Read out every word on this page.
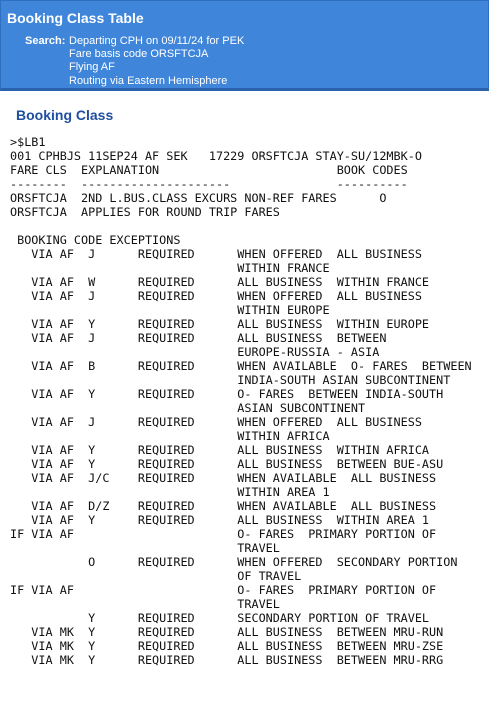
Booking Class Table
Search: Departing CPH on 09/11/24 for PEK
Fare basis code ORSFTCJA
Flying AF
Routing via Eastern Hemisphere
Booking Class
>$LB1
001 CPHBJS 11SEP24 AF SEK   17229 ORSFTCJA STAY-SU/12MBK-O
FARE CLS  EXPLANATION                         BOOK CODES
--------  ---------------------               ----------
ORSFTCJA  2ND L.BUS.CLASS EXCURS NON-REF FARES      O
ORSFTCJA  APPLIES FOR ROUND TRIP FARES
BOOKING CODE EXCEPTIONS
VIA AF  J      REQUIRED      WHEN OFFERED  ALL BUSINESS
WITHIN FRANCE
VIA AF  W      REQUIRED      ALL BUSINESS  WITHIN FRANCE
VIA AF  J      REQUIRED      WHEN OFFERED  ALL BUSINESS
WITHIN EUROPE
VIA AF  Y      REQUIRED      ALL BUSINESS  WITHIN EUROPE
VIA AF  J      REQUIRED      ALL BUSINESS  BETWEEN
EUROPE-RUSSIA - ASIA
VIA AF  B      REQUIRED      WHEN AVAILABLE  O- FARES  BETWEEN
INDIA-SOUTH ASIAN SUBCONTINENT
VIA AF  Y      REQUIRED      O- FARES  BETWEEN INDIA-SOUTH
ASIAN SUBCONTINENT
VIA AF  J      REQUIRED      WHEN OFFERED  ALL BUSINESS
WITHIN AFRICA
VIA AF  Y      REQUIRED      ALL BUSINESS  WITHIN AFRICA
VIA AF  Y      REQUIRED      ALL BUSINESS  BETWEEN BUE-ASU
VIA AF  J/C    REQUIRED      WHEN AVAILABLE  ALL BUSINESS
WITHIN AREA 1
VIA AF  D/Z    REQUIRED      WHEN AVAILABLE  ALL BUSINESS
VIA AF  Y      REQUIRED      ALL BUSINESS  WITHIN AREA 1
IF VIA AF                       O- FARES  PRIMARY PORTION OF
TRAVEL
O      REQUIRED      WHEN OFFERED  SECONDARY PORTION
OF TRAVEL
IF VIA AF                       O- FARES  PRIMARY PORTION OF
TRAVEL
Y      REQUIRED      SECONDARY PORTION OF TRAVEL
VIA MK  Y      REQUIRED      ALL BUSINESS  BETWEEN MRU-RUN
VIA MK  Y      REQUIRED      ALL BUSINESS  BETWEEN MRU-ZSE
VIA MK  Y      REQUIRED      ALL BUSINESS  BETWEEN MRU-RRG
